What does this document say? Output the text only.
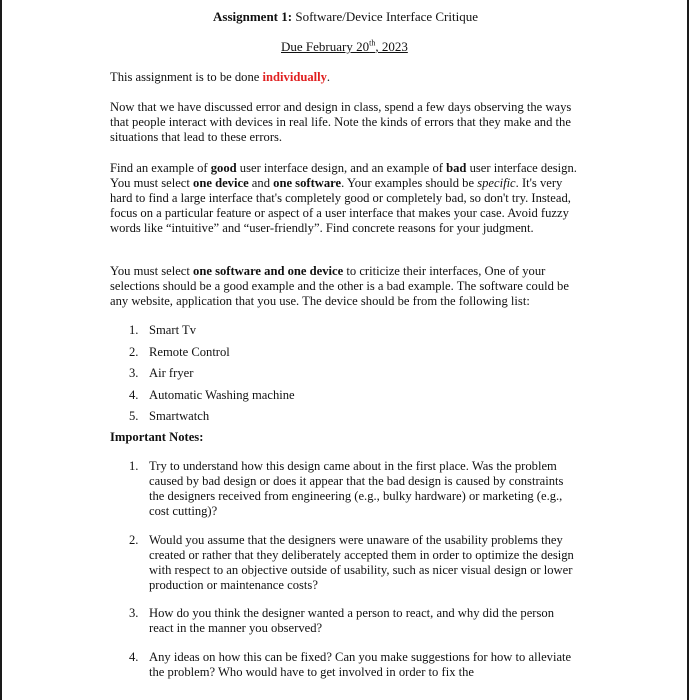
Assignment 1: Software/Device Interface Critique
Due February 20th, 2023

This assignment is to be done individually.

Now that we have discussed error and design in class, spend a few days observing the ways that people interact with devices in real life. Note the kinds of errors that they make and the situations that lead to these errors.

Find an example of good user interface design, and an example of bad user interface design. You must select one device and one software. Your examples should be specific. It's very hard to find a large interface that's completely good or completely bad, so don't try. Instead, focus on a particular feature or aspect of a user interface that makes your case. Avoid fuzzy words like “intuitive” and “user-friendly”. Find concrete reasons for your judgment.

You must select one software and one device to criticize their interfaces, One of your selections should be a good example and the other is a bad example. The software could be any website, application that you use. The device should be from the following list:

1. Smart Tv
2. Remote Control
3. Air fryer
4. Automatic Washing machine
5. Smartwatch
Important Notes:
1. Try to understand how this design came about in the first place. Was the problem caused by bad design or does it appear that the bad design is caused by constraints the designers received from engineering (e.g., bulky hardware) or marketing (e.g., cost cutting)?
2. Would you assume that the designers were unaware of the usability problems they created or rather that they deliberately accepted them in order to optimize the design with respect to an objective outside of usability, such as nicer visual design or lower production or maintenance costs?
3. How do you think the designer wanted a person to react, and why did the person react in the manner you observed?
4. Any ideas on how this can be fixed? Can you make suggestions for how to alleviate the problem? Who would have to get involved in order to fix the
